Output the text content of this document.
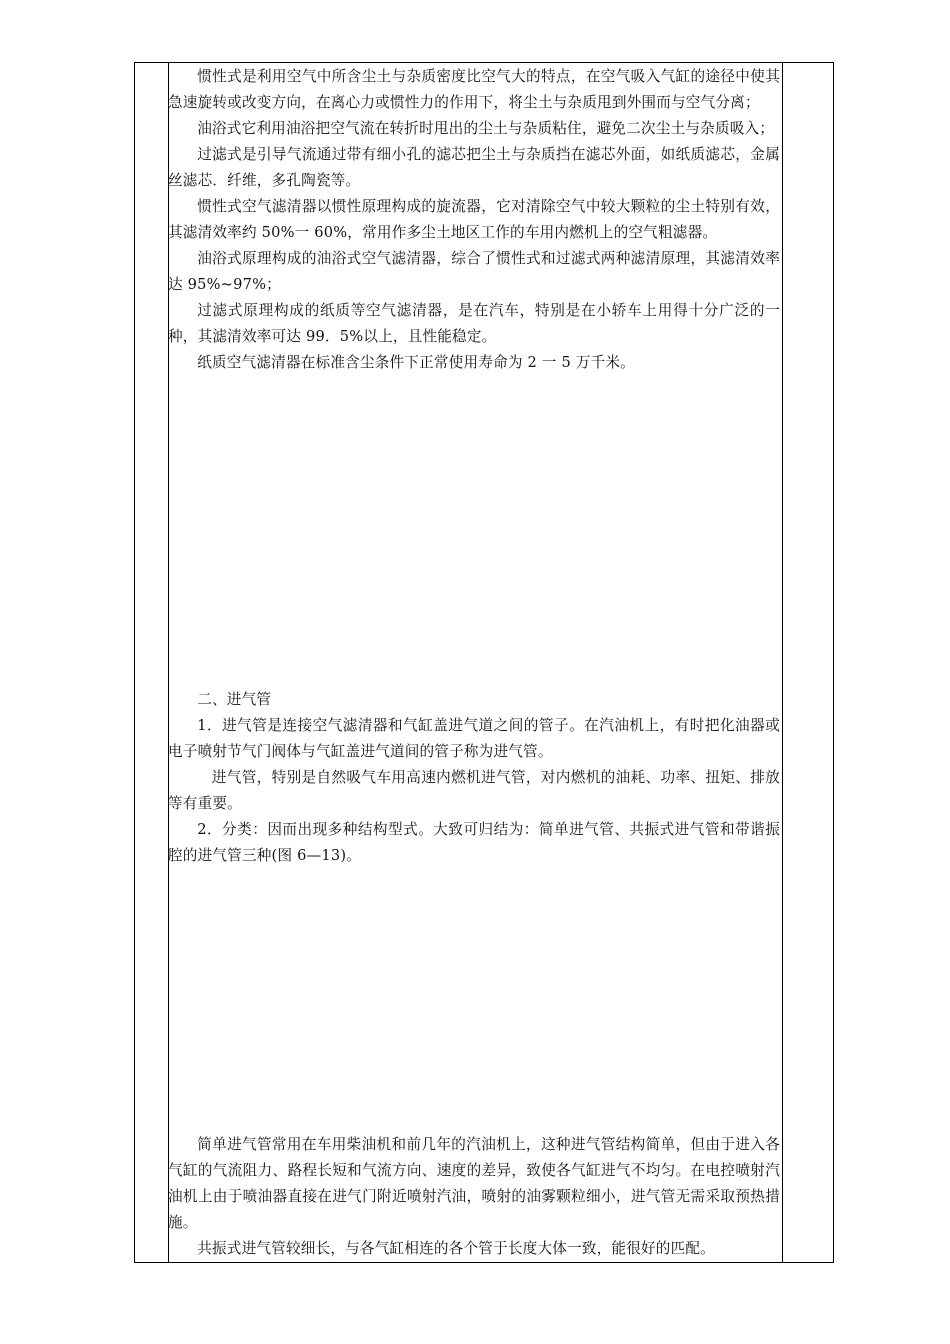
惯性式是利用空气中所含尘土与杂质密度比空气大的特点，在空气吸入气缸的途径中使其急速旋转或改变方向，在离心力或惯性力的作用下，将尘土与杂质甩到外围而与空气分离；

油浴式它利用油浴把空气流在转折时甩出的尘土与杂质粘住，避免二次尘土与杂质吸入；

过滤式是引导气流通过带有细小孔的滤芯把尘土与杂质挡在滤芯外面，如纸质滤芯，金属丝滤芯．纤维，多孔陶瓷等。

惯性式空气滤清器以惯性原理构成的旋流器，它对清除空气中较大颗粒的尘土特别有效，其滤清效率约 50%一 60%，常用作多尘土地区工作的车用内燃机上的空气粗滤器。

油浴式原理构成的油浴式空气滤清器，综合了惯性式和过滤式两种滤清原理，其滤清效率达 95%~97%；

过滤式原理构成的纸质等空气滤清器，是在汽车，特别是在小轿车上用得十分广泛的一种，其滤清效率可达 99．5%以上，且性能稳定。

纸质空气滤清器在标准含尘条件下正常使用寿命为 2 一 5 万千米。

二、进气管

1．进气管是连接空气滤清器和气缸盖进气道之间的管子。在汽油机上，有时把化油器或电子喷射节气门阀体与气缸盖进气道间的管子称为进气管。

进气管，特别是自然吸气车用高速内燃机进气管，对内燃机的油耗、功率、扭矩、排放等有重要。

2．分类：因而出现多种结构型式。大致可归结为：简单进气管、共振式进气管和带谐振腔的进气管三种(图 6—13)。

简单进气管常用在车用柴油机和前几年的汽油机上，这种进气管结构简单，但由于进入各气缸的气流阻力、路程长短和气流方向、速度的差异，致使各气缸进气不均匀。在电控喷射汽油机上由于喷油器直接在进气门附近喷射汽油，喷射的油雾颗粒细小，进气管无需采取预热措施。

共振式进气管较细长，与各气缸相连的各个管于长度大体一致，能很好的匹配。
